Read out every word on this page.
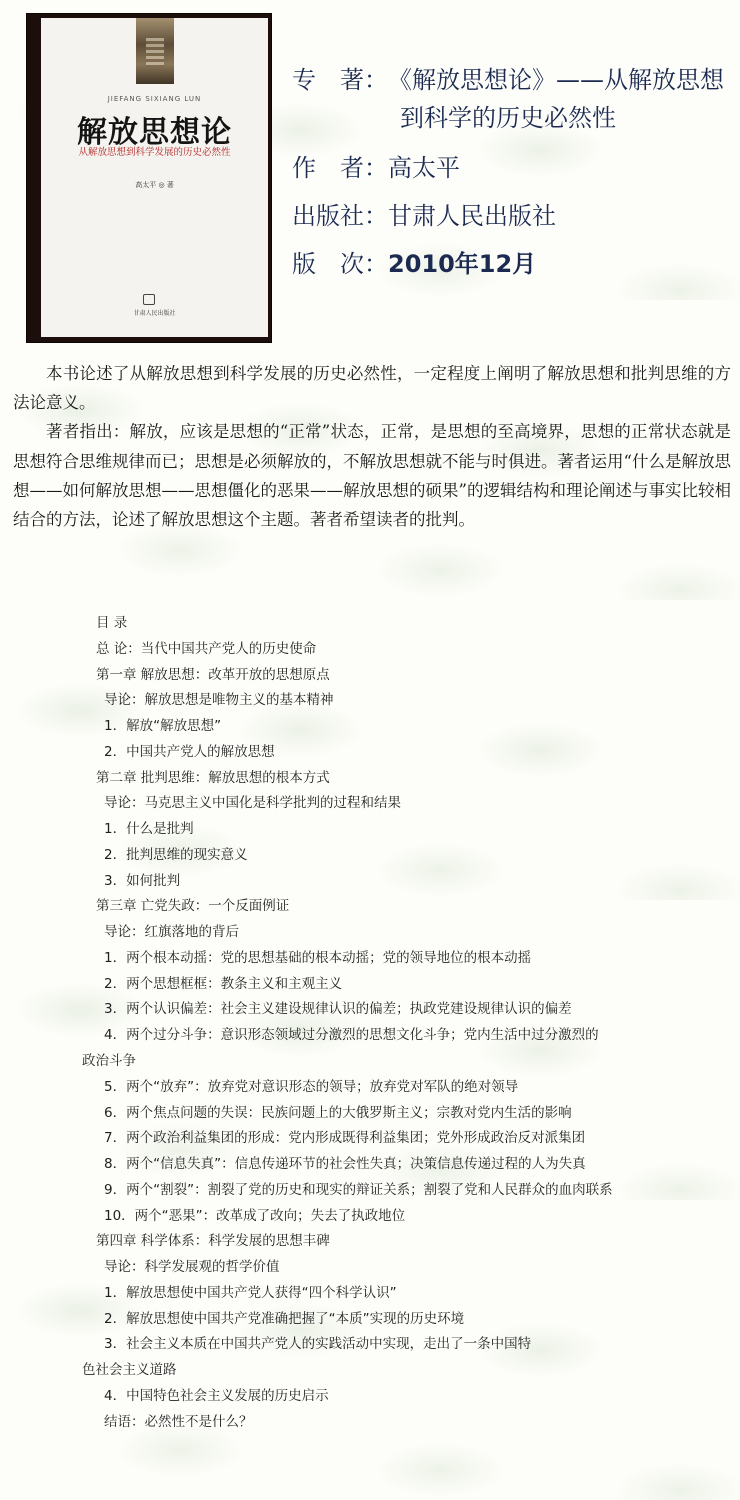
JIEFANG SIXIANG LUN
解放思想论
从解放思想到科学发展的历史必然性
高太平 ◎ 著
甘肃人民出版社
专　著：《解放思想论》——从解放思想
到科学的历史必然性
作　者：高太平
出版社：甘肃人民出版社
版　次：2010年12月

本书论述了从解放思想到科学发展的历史必然性，一定程度上阐明了解放思想和批判思维的方法论意义。

著者指出：解放，应该是思想的“正常”状态，正常，是思想的至高境界，思想的正常状态就是思想符合思维规律而已；思想是必须解放的，不解放思想就不能与时俱进。著者运用“什么是解放思想——如何解放思想——思想僵化的恶果——解放思想的硕果”的逻辑结构和理论阐述与事实比较相结合的方法，论述了解放思想这个主题。著者希望读者的批判。

目 录
总 论：当代中国共产党人的历史使命
第一章 解放思想：改革开放的思想原点
导论：解放思想是唯物主义的基本精神
1．解放“解放思想”
2．中国共产党人的解放思想
第二章 批判思维：解放思想的根本方式
导论：马克思主义中国化是科学批判的过程和结果
1．什么是批判
2．批判思维的现实意义
3．如何批判
第三章 亡党失政：一个反面例证
导论：红旗落地的背后
1．两个根本动摇：党的思想基础的根本动摇；党的领导地位的根本动摇
2．两个思想框框：教条主义和主观主义
3．两个认识偏差：社会主义建设规律认识的偏差；执政党建设规律认识的偏差
4．两个过分斗争：意识形态领域过分激烈的思想文化斗争；党内生活中过分激烈的
政治斗争
5．两个“放弃”：放弃党对意识形态的领导；放弃党对军队的绝对领导
6．两个焦点问题的失误：民族问题上的大俄罗斯主义；宗教对党内生活的影响
7．两个政治利益集团的形成：党内形成既得利益集团；党外形成政治反对派集团
8．两个“信息失真”：信息传递环节的社会性失真；决策信息传递过程的人为失真
9．两个“割裂”：割裂了党的历史和现实的辩证关系；割裂了党和人民群众的血肉联系
10．两个“恶果”：改革成了改向；失去了执政地位
第四章 科学体系：科学发展的思想丰碑
导论：科学发展观的哲学价值
1．解放思想使中国共产党人获得“四个科学认识”
2．解放思想使中国共产党准确把握了“本质”实现的历史环境
3．社会主义本质在中国共产党人的实践活动中实现，走出了一条中国特
色社会主义道路
4．中国特色社会主义发展的历史启示
结语：必然性不是什么？
